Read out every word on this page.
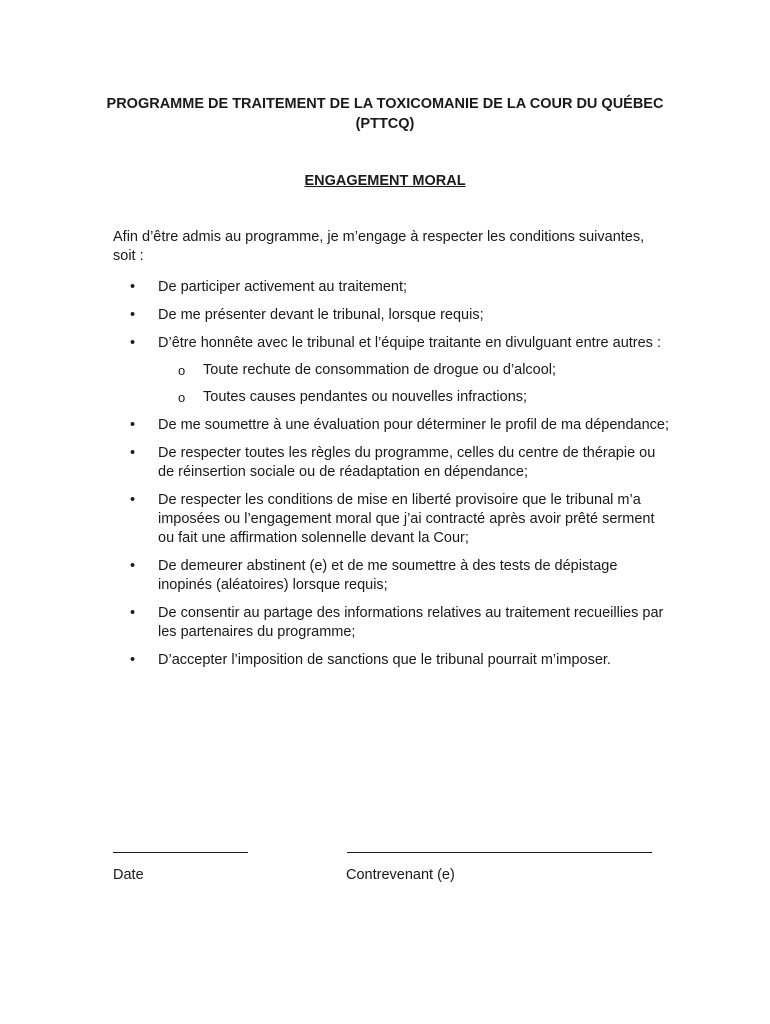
PROGRAMME DE TRAITEMENT DE LA TOXICOMANIE DE LA COUR DU QUÉBEC (PTTCQ)
ENGAGEMENT MORAL
Afin d’être admis au programme, je m’engage à respecter les conditions suivantes, soit :
• De participer activement au traitement;
• De me présenter devant le tribunal, lorsque requis;
• D’être honnête avec le tribunal et l’équipe traitante en divulguant entre autres :
o Toute rechute de consommation de drogue ou d’alcool;
o Toutes causes pendantes ou nouvelles infractions;
• De me soumettre à une évaluation pour déterminer le profil de ma dépendance;
• De respecter toutes les règles du programme, celles du centre de thérapie ou de réinsertion sociale ou de réadaptation en dépendance;
• De respecter les conditions de mise en liberté provisoire que le tribunal m’a imposées ou l’engagement moral que j’ai contracté après avoir prêté serment ou fait une affirmation solennelle devant la Cour;
• De demeurer abstinent (e) et de me soumettre à des tests de dépistage inopinés (aléatoires) lorsque requis;
• De consentir au partage des informations relatives au traitement recueillies par les partenaires du programme;
• D’accepter l’imposition de sanctions que le tribunal pourrait m’imposer.
Date	Contrevenant (e)
